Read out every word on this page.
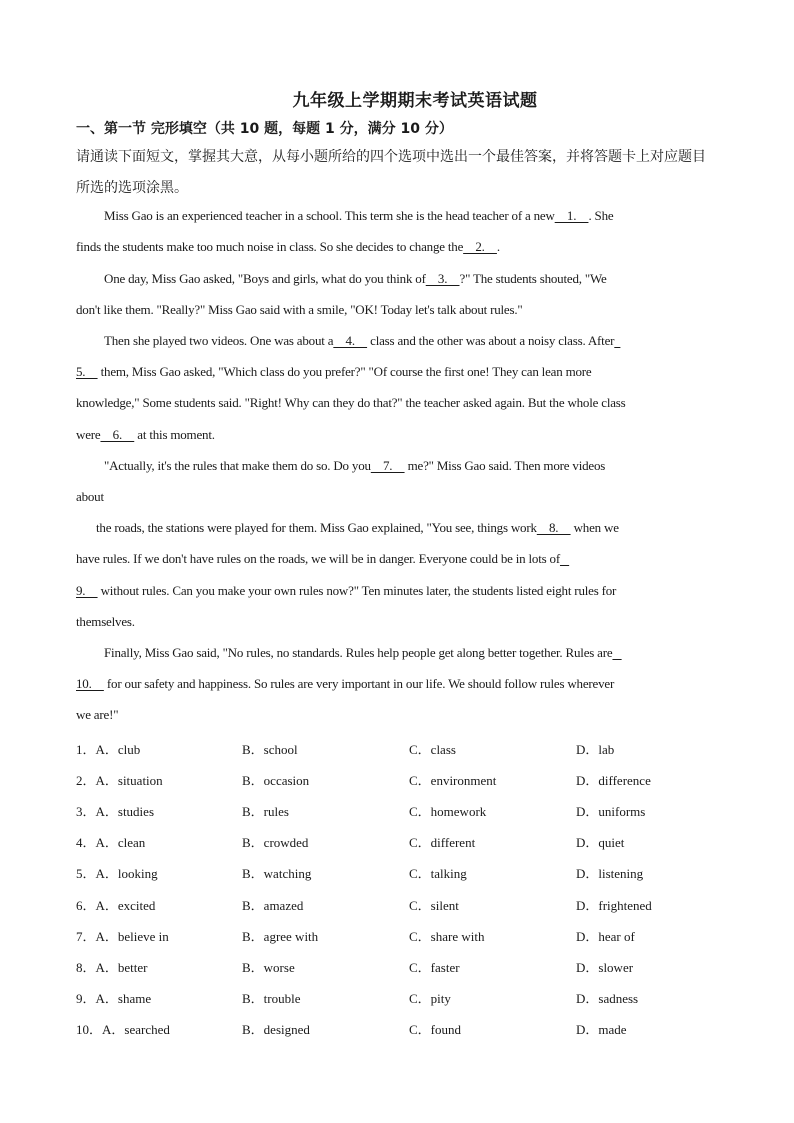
九年级上学期期末考试英语试题
一、第一节 完形填空（共 10 题，每题 1 分，满分 10 分）
请通读下面短文，掌握其大意，从每小题所给的四个选项中选出一个最佳答案，并将答题卡上对应题目
所选的选项涂黑。
Miss Gao is an experienced teacher in a school. This term she is the head teacher of a new    1.    . She
finds the students make too much noise in class. So she decides to change the    2.    .
One day, Miss Gao asked, "Boys and girls, what do you think of    3.    ?" The students shouted, "We
don't like them. "Really?" Miss Gao said with a smile, "OK! Today let's talk about rules."
Then she played two videos. One was about a    4.     class and the other was about a noisy class. After
5.     them, Miss Gao asked, "Which class do you prefer?" "Of course the first one! They can lean more
knowledge," Some students said. "Right! Why can they do that?" the teacher asked again. But the whole class
were    6.     at this moment.
"Actually, it's the rules that make them do so. Do you    7.     me?" Miss Gao said. Then more videos
about
the roads, the stations were played for them. Miss Gao explained, "You see, things work    8.     when we
have rules. If we don't have rules on the roads, we will be in danger. Everyone could be in lots of
9.     without rules. Can you make your own rules now?" Ten minutes later, the students listed eight rules for
themselves.
Finally, Miss Gao said, "No rules, no standards. Rules help people get along better together. Rules are
10.     for our safety and happiness. So rules are very important in our life. We should follow rules wherever
we are!"
1．A．club	B．school	C．class	D．lab
2．A．situation	B．occasion	C．environment	D．difference
3．A．studies	B．rules	C．homework	D．uniforms
4．A．clean	B．crowded	C．different	D．quiet
5．A．looking	B．watching	C．talking	D．listening
6．A．excited	B．amazed	C．silent	D．frightened
7．A．believe in	B．agree with	C．share with	D．hear of
8．A．better	B．worse	C．faster	D．slower
9．A．shame	B．trouble	C．pity	D．sadness
10．A．searched	B．designed	C．found	D．made
